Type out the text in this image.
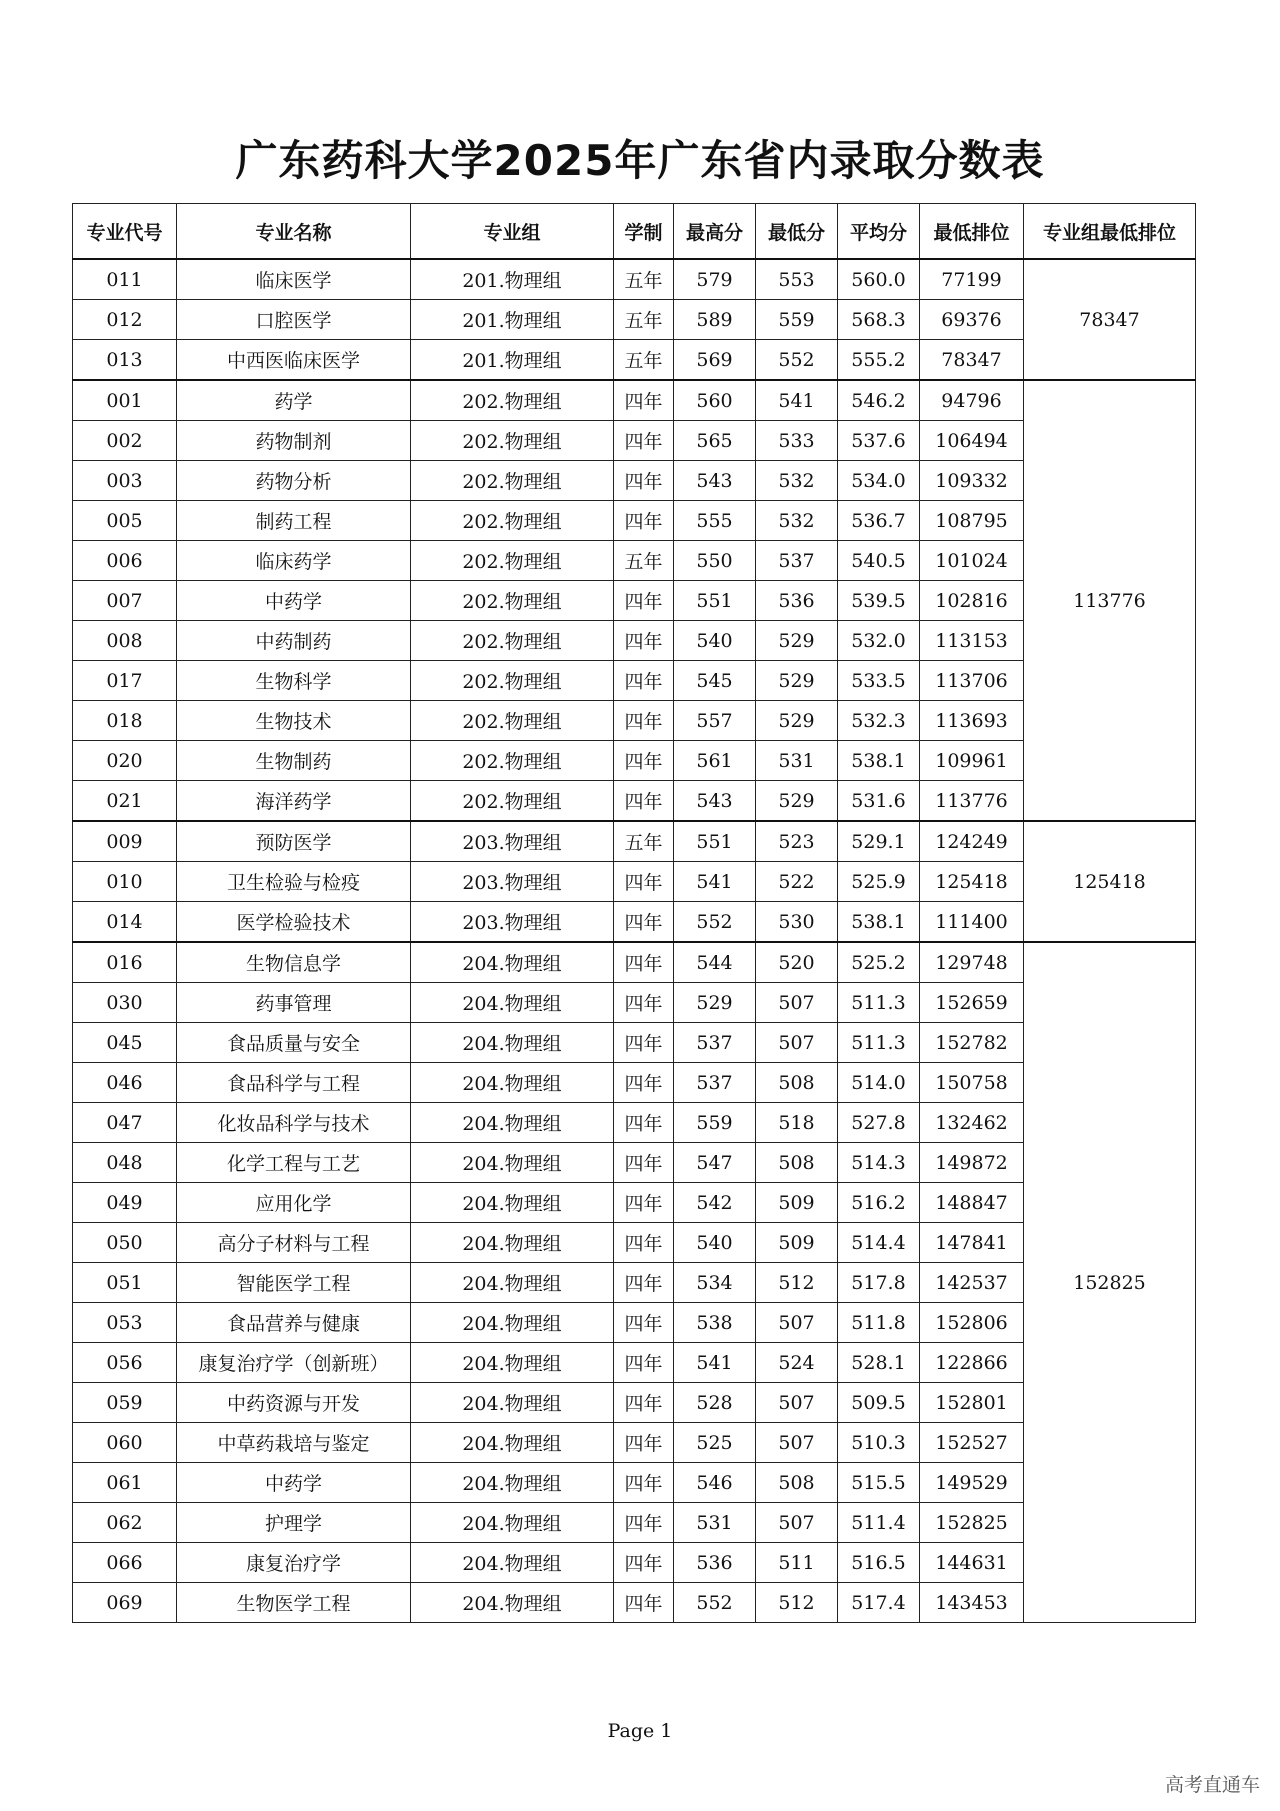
广东药科大学2025年广东省内录取分数表
专业代号	专业名称	专业组	学制	最高分	最低分	平均分	最低排位	专业组最低排位
011	临床医学	201.物理组	五年	579	553	560.0	77199	78347
012	口腔医学	201.物理组	五年	589	559	568.3	69376	
013	中西医临床医学	201.物理组	五年	569	552	555.2	78347	
001	药学	202.物理组	四年	560	541	546.2	94796	113776
002	药物制剂	202.物理组	四年	565	533	537.6	106494	
003	药物分析	202.物理组	四年	543	532	534.0	109332	
005	制药工程	202.物理组	四年	555	532	536.7	108795	
006	临床药学	202.物理组	五年	550	537	540.5	101024	
007	中药学	202.物理组	四年	551	536	539.5	102816	
008	中药制药	202.物理组	四年	540	529	532.0	113153	
017	生物科学	202.物理组	四年	545	529	533.5	113706	
018	生物技术	202.物理组	四年	557	529	532.3	113693	
020	生物制药	202.物理组	四年	561	531	538.1	109961	
021	海洋药学	202.物理组	四年	543	529	531.6	113776	
009	预防医学	203.物理组	五年	551	523	529.1	124249	125418
010	卫生检验与检疫	203.物理组	四年	541	522	525.9	125418	
014	医学检验技术	203.物理组	四年	552	530	538.1	111400	
016	生物信息学	204.物理组	四年	544	520	525.2	129748	152825
030	药事管理	204.物理组	四年	529	507	511.3	152659	
045	食品质量与安全	204.物理组	四年	537	507	511.3	152782	
046	食品科学与工程	204.物理组	四年	537	508	514.0	150758	
047	化妆品科学与技术	204.物理组	四年	559	518	527.8	132462	
048	化学工程与工艺	204.物理组	四年	547	508	514.3	149872	
049	应用化学	204.物理组	四年	542	509	516.2	148847	
050	高分子材料与工程	204.物理组	四年	540	509	514.4	147841	
051	智能医学工程	204.物理组	四年	534	512	517.8	142537	
053	食品营养与健康	204.物理组	四年	538	507	511.8	152806	
056	康复治疗学（创新班）	204.物理组	四年	541	524	528.1	122866	
059	中药资源与开发	204.物理组	四年	528	507	509.5	152801	
060	中草药栽培与鉴定	204.物理组	四年	525	507	510.3	152527	
061	中药学	204.物理组	四年	546	508	515.5	149529	
062	护理学	204.物理组	四年	531	507	511.4	152825	
066	康复治疗学	204.物理组	四年	536	511	516.5	144631	
069	生物医学工程	204.物理组	四年	552	512	517.4	143453	
Page 1
高考直通车
